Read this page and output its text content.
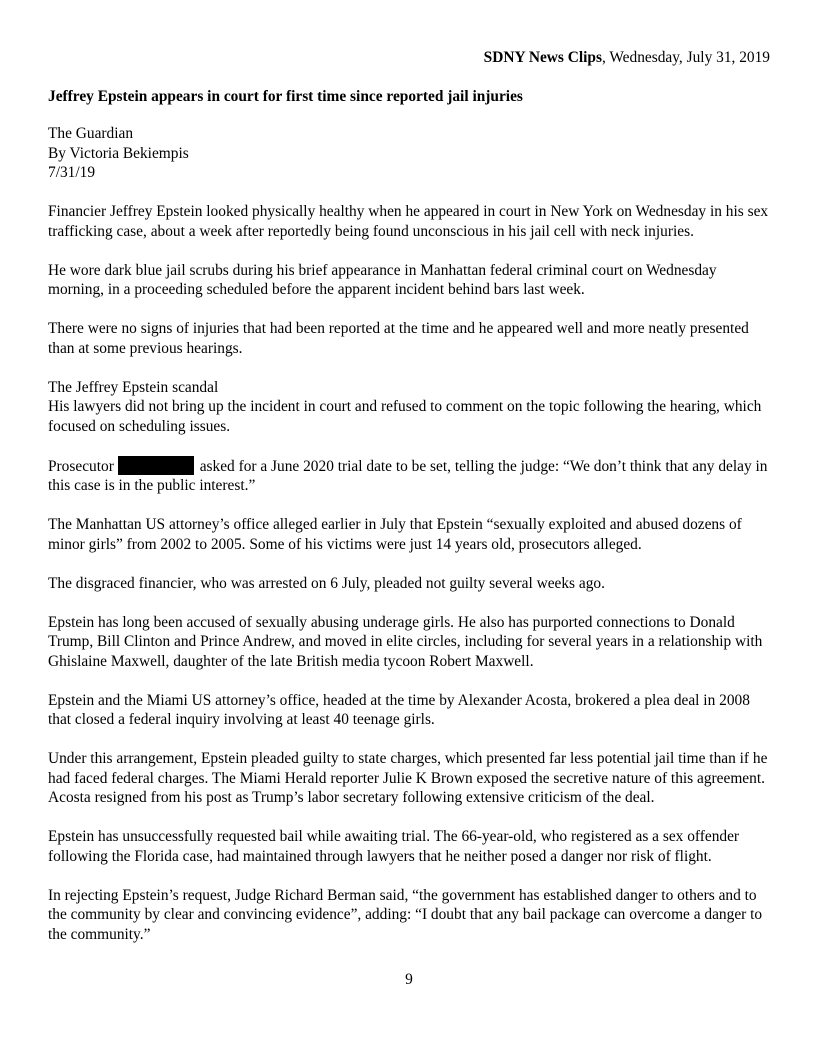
SDNY News Clips, Wednesday, July 31, 2019
Jeffrey Epstein appears in court for first time since reported jail injuries
The Guardian
By Victoria Bekiempis
7/31/19

Financier Jeffrey Epstein looked physically healthy when he appeared in court in New York on Wednesday in his sex trafficking case, about a week after reportedly being found unconscious in his jail cell with neck injuries.

He wore dark blue jail scrubs during his brief appearance in Manhattan federal criminal court on Wednesday morning, in a proceeding scheduled before the apparent incident behind bars last week.

There were no signs of injuries that had been reported at the time and he appeared well and more neatly presented than at some previous hearings.

The Jeffrey Epstein scandal
His lawyers did not bring up the incident in court and refused to comment on the topic following the hearing, which focused on scheduling issues.

Prosecutor	asked for a June 2020 trial date to be set, telling the judge: “We don’t think that any delay in this case is in the public interest.”

The Manhattan US attorney’s office alleged earlier in July that Epstein “sexually exploited and abused dozens of minor girls” from 2002 to 2005. Some of his victims were just 14 years old, prosecutors alleged.

The disgraced financier, who was arrested on 6 July, pleaded not guilty several weeks ago.

Epstein has long been accused of sexually abusing underage girls. He also has purported connections to Donald Trump, Bill Clinton and Prince Andrew, and moved in elite circles, including for several years in a relationship with Ghislaine Maxwell, daughter of the late British media tycoon Robert Maxwell.

Epstein and the Miami US attorney’s office, headed at the time by Alexander Acosta, brokered a plea deal in 2008 that closed a federal inquiry involving at least 40 teenage girls.

Under this arrangement, Epstein pleaded guilty to state charges, which presented far less potential jail time than if he had faced federal charges. The Miami Herald reporter Julie K Brown exposed the secretive nature of this agreement. Acosta resigned from his post as Trump’s labor secretary following extensive criticism of the deal.

Epstein has unsuccessfully requested bail while awaiting trial. The 66-year-old, who registered as a sex offender following the Florida case, had maintained through lawyers that he neither posed a danger nor risk of flight.

In rejecting Epstein’s request, Judge Richard Berman said, “the government has established danger to others and to the community by clear and convincing evidence”, adding: “I doubt that any bail package can overcome a danger to the community.”

9
